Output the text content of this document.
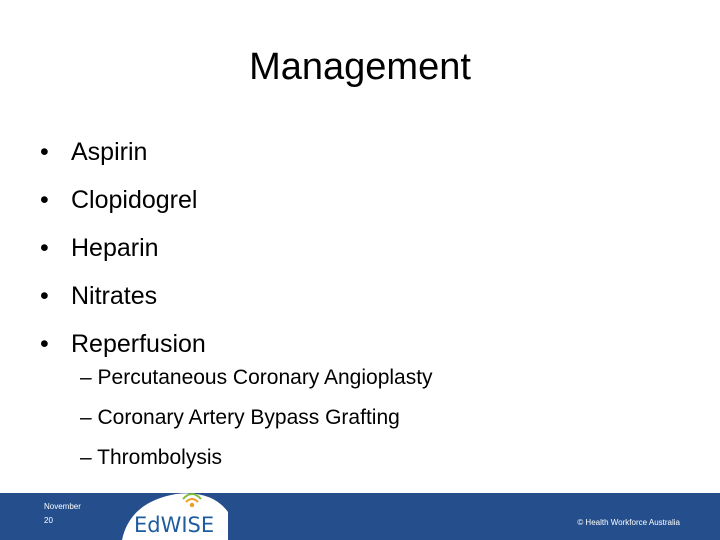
Management
• Aspirin
• Clopidogrel
• Heparin
• Nitrates
• Reperfusion
– Percutaneous Coronary Angioplasty
– Coronary Artery Bypass Grafting
– Thrombolysis
November
20	EdWISE	© Health Workforce Australia
